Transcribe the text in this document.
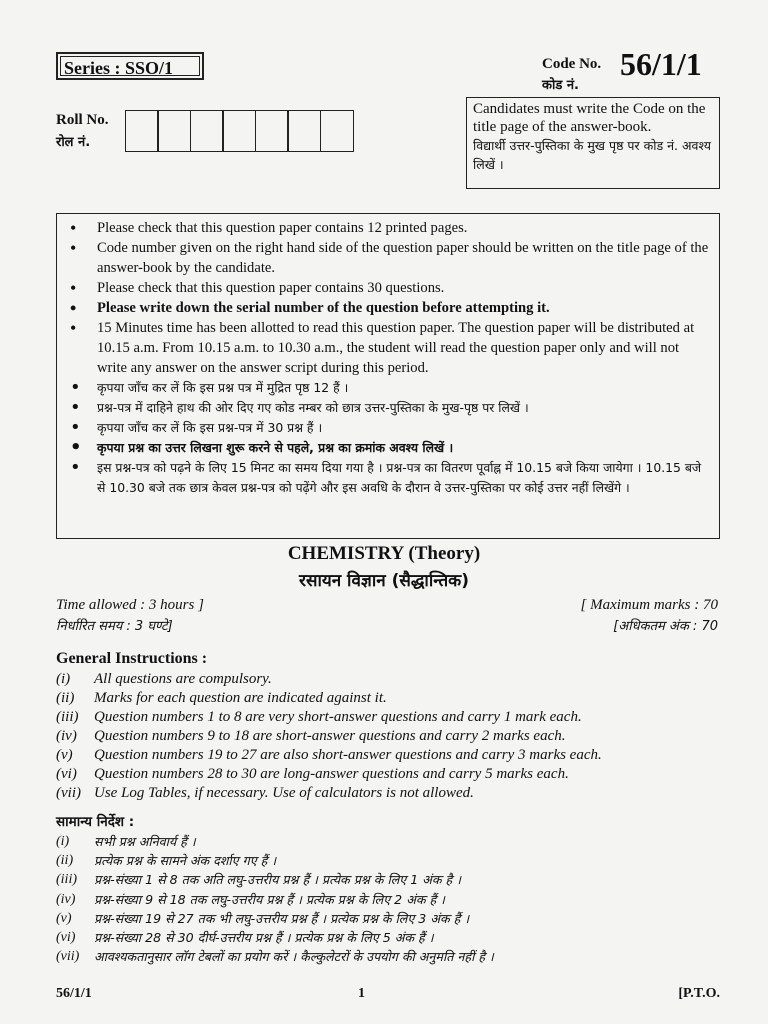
Series : SSO/1	Code No.
कोड नं.
56/1/1
Roll No.
रोल नं.
Candidates must write the Code on the title page of the answer-book.
विद्यार्थी उत्तर-पुस्तिका के मुख पृष्ठ पर कोड नं. अवश्य लिखें ।
• Please check that this question paper contains 12 printed pages.
• Code number given on the right hand side of the question paper should be written on the title page of the answer-book by the candidate.
• Please check that this question paper contains 30 questions.
• Please write down the serial number of the question before attempting it.
• 15 Minutes time has been allotted to read this question paper. The question paper will be distributed at 10.15 a.m. From 10.15 a.m. to 10.30 a.m., the student will read the question paper only and will not write any answer on the answer script during this period.
• कृपया जाँच कर लें कि इस प्रश्न पत्र में मुद्रित पृष्ठ 12 हैं ।
• प्रश्न-पत्र में दाहिने हाथ की ओर दिए गए कोड नम्बर को छात्र उत्तर-पुस्तिका के मुख-पृष्ठ पर लिखें ।
• कृपया जाँच कर लें कि इस प्रश्न-पत्र में 30 प्रश्न हैं ।
• कृपया प्रश्न का उत्तर लिखना शुरू करने से पहले, प्रश्न का क्रमांक अवश्य लिखें ।
• इस प्रश्न-पत्र को पढ़ने के लिए 15 मिनट का समय दिया गया है । प्रश्न-पत्र का वितरण पूर्वाह्न में 10.15 बजे किया जायेगा । 10.15 बजे से 10.30 बजे तक छात्र केवल प्रश्न-पत्र को पढ़ेंगे और इस अवधि के दौरान वे उत्तर-पुस्तिका पर कोई उत्तर नहीं लिखेंगे ।
CHEMISTRY (Theory)
रसायन विज्ञान (सैद्धान्तिक)
Time allowed : 3 hours ]
निर्धारित समय : 3 घण्टे]
[ Maximum marks : 70
[अधिकतम अंक : 70
General Instructions :
(i)	All questions are compulsory.
(ii)	Marks for each question are indicated against it.
(iii)	Question numbers 1 to 8 are very short-answer questions and carry 1 mark each.
(iv)	Question numbers 9 to 18 are short-answer questions and carry 2 marks each.
(v)	Question numbers 19 to 27 are also short-answer questions and carry 3 marks each.
(vi)	Question numbers 28 to 30 are long-answer questions and carry 5 marks each.
(vii) Use Log Tables, if necessary. Use of calculators is not allowed.
सामान्य निर्देश :
(i)	सभी प्रश्न अनिवार्य हैं ।
(ii)	प्रत्येक प्रश्न के सामने अंक दर्शाए गए हैं ।
(iii)	प्रश्न-संख्या 1 से 8 तक अति लघु-उत्तरीय प्रश्न हैं । प्रत्येक प्रश्न के लिए 1 अंक है ।
(iv)	प्रश्न-संख्या 9 से 18 तक लघु-उत्तरीय प्रश्न हैं । प्रत्येक प्रश्न के लिए 2 अंक हैं ।
(v)	प्रश्न-संख्या 19 से 27 तक भी लघु-उत्तरीय प्रश्न हैं । प्रत्येक प्रश्न के लिए 3 अंक हैं ।
(vi)	प्रश्न-संख्या 28 से 30 दीर्घ-उत्तरीय प्रश्न हैं । प्रत्येक प्रश्न के लिए 5 अंक हैं ।
(vii)	आवश्यकतानुसार लॉग टेबलों का प्रयोग करें । कैल्कुलेटरों के उपयोग की अनुमति नहीं है ।
56/1/1	1	[P.T.O.
